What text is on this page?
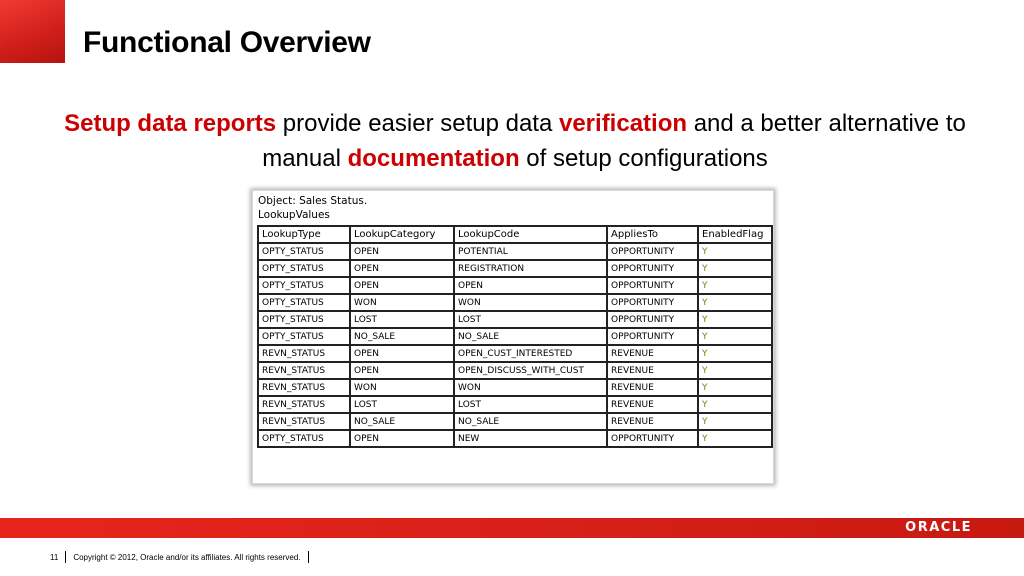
Functional Overview
Setup data reports provide easier setup data verification and a better alternative to manual documentation of setup configurations
Object: Sales Status.
LookupValues
LookupType	LookupCategory	LookupCode	AppliesTo	EnabledFlag
OPTY_STATUS	OPEN	POTENTIAL	OPPORTUNITY	Y
OPTY_STATUS	OPEN	REGISTRATION	OPPORTUNITY	Y
OPTY_STATUS	OPEN	OPEN	OPPORTUNITY	Y
OPTY_STATUS	WON	WON	OPPORTUNITY	Y
OPTY_STATUS	LOST	LOST	OPPORTUNITY	Y
OPTY_STATUS	NO_SALE	NO_SALE	OPPORTUNITY	Y
REVN_STATUS	OPEN	OPEN_CUST_INTERESTED	REVENUE	Y
REVN_STATUS	OPEN	OPEN_DISCUSS_WITH_CUST	REVENUE	Y
REVN_STATUS	WON	WON	REVENUE	Y
REVN_STATUS	LOST	LOST	REVENUE	Y
REVN_STATUS	NO_SALE	NO_SALE	REVENUE	Y
OPTY_STATUS	OPEN	NEW	OPPORTUNITY	Y
ORACLE
11 Copyright © 2012, Oracle and/or its affiliates. All rights reserved.
